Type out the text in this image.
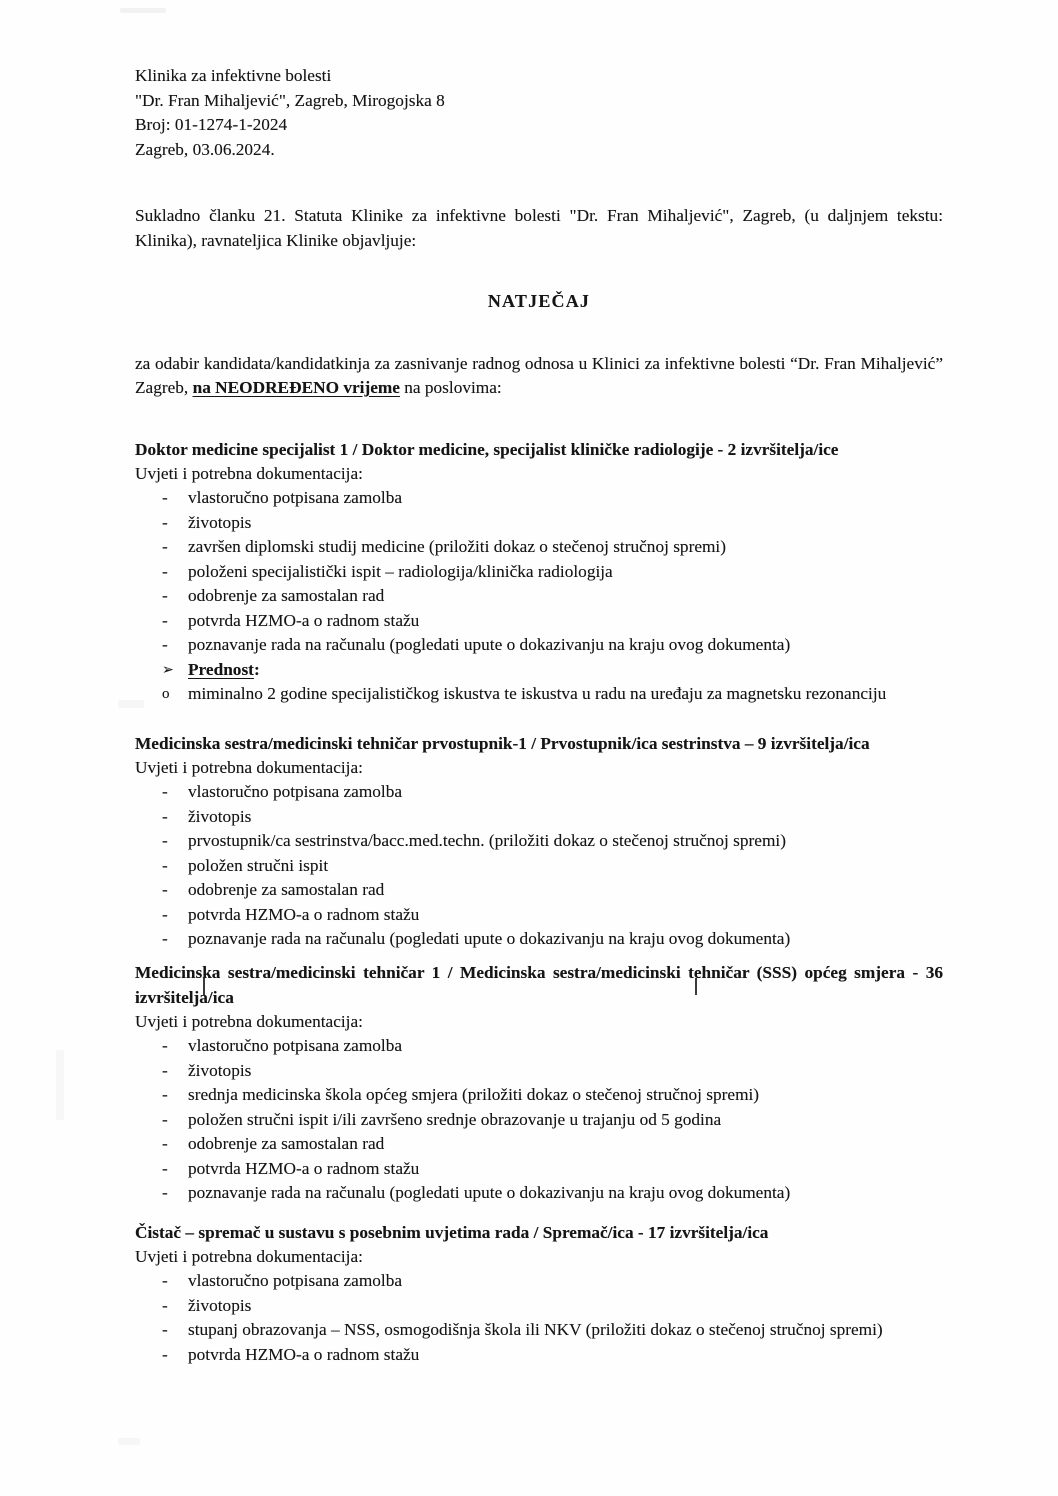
Klinika za infektivne bolesti
"Dr. Fran Mihaljević", Zagreb, Mirogojska 8
Broj: 01-1274-1-2024
Zagreb, 03.06.2024.

Sukladno članku 21. Statuta Klinike za infektivne bolesti "Dr. Fran Mihaljević", Zagreb, (u daljnjem tekstu: Klinika), ravnateljica Klinike objavljuje:

NATJEČAJ

za odabir kandidata/kandidatkinja za zasnivanje radnog odnosa u Klinici za infektivne bolesti “Dr. Fran Mihaljević” Zagreb, na NEODREĐENO vrijeme na poslovima:

Doktor medicine specijalist 1 / Doktor medicine, specijalist kliničke radiologije - 2 izvršitelja/ice
Uvjeti i potrebna dokumentacija:
- vlastoručno potpisana zamolba
- životopis
- završen diplomski studij medicine (priložiti dokaz o stečenoj stručnoj spremi)
- položeni specijalistički ispit – radiologija/klinička radiologija
- odobrenje za samostalan rad
- potvrda HZMO-a o radnom stažu
- poznavanje rada na računalu (pogledati upute o dokazivanju na kraju ovog dokumenta)
➢ Prednost:
o miminalno 2 godine specijalističkog iskustva te iskustva u radu na uređaju za magnetsku rezonanciju
Medicinska sestra/medicinski tehničar prvostupnik-1 / Prvostupnik/ica sestrinstva – 9 izvršitelja/ica
Uvjeti i potrebna dokumentacija:
- vlastoručno potpisana zamolba
- životopis
- prvostupnik/ca sestrinstva/bacc.med.techn. (priložiti dokaz o stečenoj stručnoj spremi)
- položen stručni ispit
- odobrenje za samostalan rad
- potvrda HZMO-a o radnom stažu
- poznavanje rada na računalu (pogledati upute o dokazivanju na kraju ovog dokumenta)
Medicinska sestra/medicinski tehničar 1 / Medicinska sestra/medicinski tehničar (SSS) općeg smjera - 36 izvršitelja/ica
Uvjeti i potrebna dokumentacija:
- vlastoručno potpisana zamolba
- životopis
- srednja medicinska škola općeg smjera (priložiti dokaz o stečenoj stručnoj spremi)
- položen stručni ispit i/ili završeno srednje obrazovanje u trajanju od 5 godina
- odobrenje za samostalan rad
- potvrda HZMO-a o radnom stažu
- poznavanje rada na računalu (pogledati upute o dokazivanju na kraju ovog dokumenta)
Čistač – spremač u sustavu s posebnim uvjetima rada / Spremač/ica - 17 izvršitelja/ica
Uvjeti i potrebna dokumentacija:
- vlastoručno potpisana zamolba
- životopis
- stupanj obrazovanja – NSS, osmogodišnja škola ili NKV (priložiti dokaz o stečenoj stručnoj spremi)
- potvrda HZMO-a o radnom stažu
